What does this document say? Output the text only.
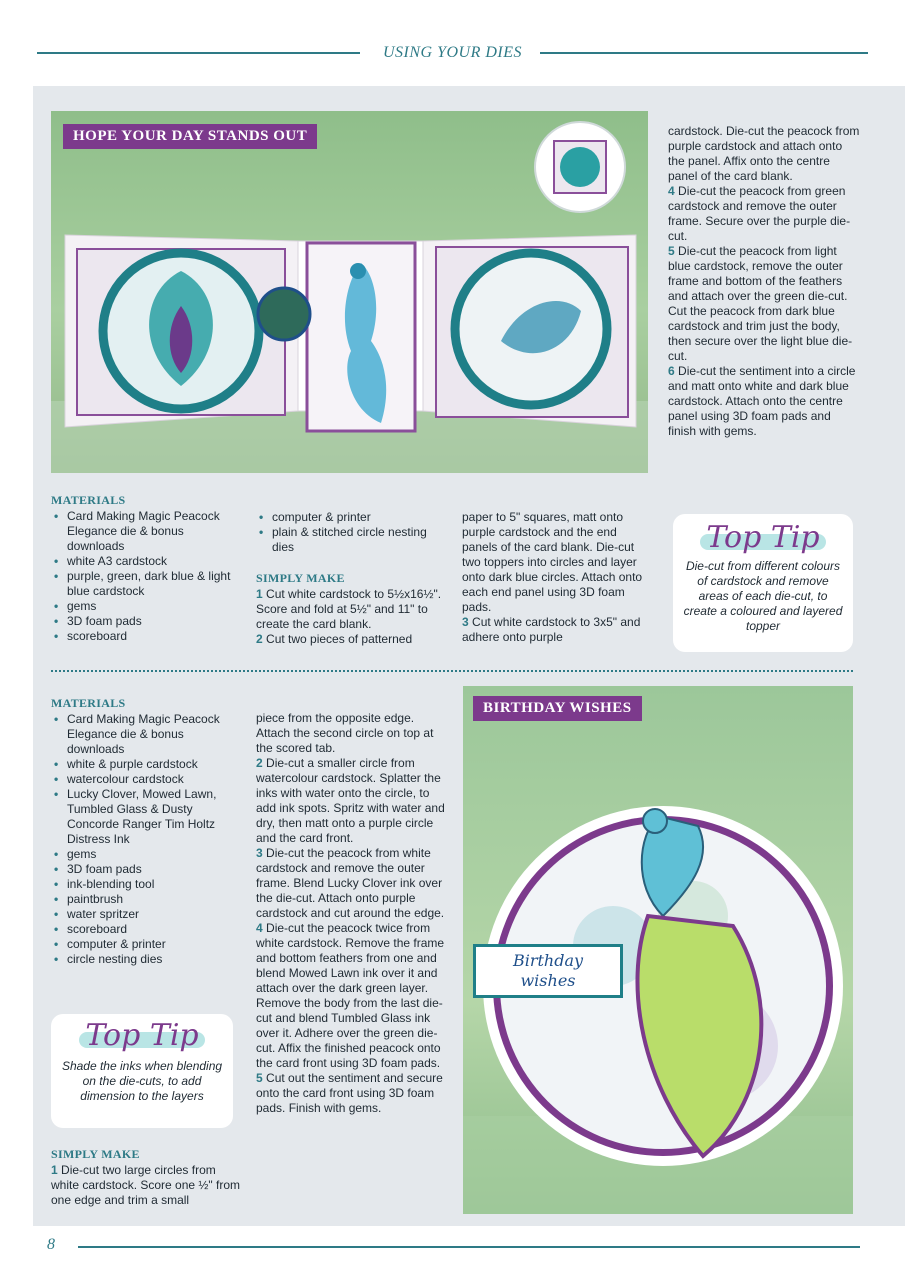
USING YOUR DIES
HOPE YOUR DAY STANDS OUT	cardstock. Die-cut the peacock from purple cardstock and attach onto the panel. Affix onto the centre panel of the card blank.

4 Die-cut the peacock from green cardstock and remove the outer frame. Secure over the purple die-cut.

5 Die-cut the peacock from light blue cardstock, remove the outer frame and bottom of the feathers and attach over the green die-cut. Cut the peacock from dark blue cardstock and trim just the body, then secure over the light blue die-cut.

6 Die-cut the sentiment into a circle and matt onto white and dark blue cardstock. Attach onto the centre panel using 3D foam pads and finish with gems.

MATERIALS
• Card Making Magic Peacock Elegance die & bonus downloads
• white A3 cardstock
• purple, green, dark blue & light blue cardstock
• gems
• 3D foam pads
• scoreboard
• computer & printer
• plain & stitched circle nesting dies
SIMPLY MAKE

1 Cut white cardstock to 5½x16½". Score and fold at 5½" and 11" to create the card blank.

2 Cut two pieces of patterned

paper to 5" squares, matt onto purple cardstock and the end panels of the card blank. Die-cut two toppers into circles and layer onto dark blue circles. Attach onto each end panel using 3D foam pads.

3 Cut white cardstock to 3x5" and adhere onto purple

Top Tip
Die-cut from different colours of cardstock and remove areas of each die-cut, to create a coloured and layered topper
MATERIALS
• Card Making Magic Peacock Elegance die & bonus downloads
• white & purple cardstock
• watercolour cardstock
• Lucky Clover, Mowed Lawn, Tumbled Glass & Dusty Concorde Ranger Tim Holtz Distress Ink
• gems
• 3D foam pads
• ink-blending tool
• paintbrush
• water spritzer
• scoreboard
• computer & printer
• circle nesting dies
Top Tip
Shade the inks when blending on the die-cuts, to add dimension to the layers
SIMPLY MAKE

1 Die-cut two large circles from white cardstock. Score one ½" from one edge and trim a small

piece from the opposite edge. Attach the second circle on top at the scored tab.

2 Die-cut a smaller circle from watercolour cardstock. Splatter the inks with water onto the circle, to add ink spots. Spritz with water and dry, then matt onto a purple circle and the card front.

3 Die-cut the peacock from white cardstock and remove the outer frame. Blend Lucky Clover ink over the die-cut. Attach onto purple cardstock and cut around the edge.

4 Die-cut the peacock twice from white cardstock. Remove the frame and bottom feathers from one and blend Mowed Lawn ink over it and attach over the dark green layer. Remove the body from the last die-cut and blend Tumbled Glass ink over it. Adhere over the green die-cut. Affix the finished peacock onto the card front using 3D foam pads.

5 Cut out the sentiment and secure onto the card front using 3D foam pads. Finish with gems.

BIRTHDAY WISHES
Birthday
wishes
8
